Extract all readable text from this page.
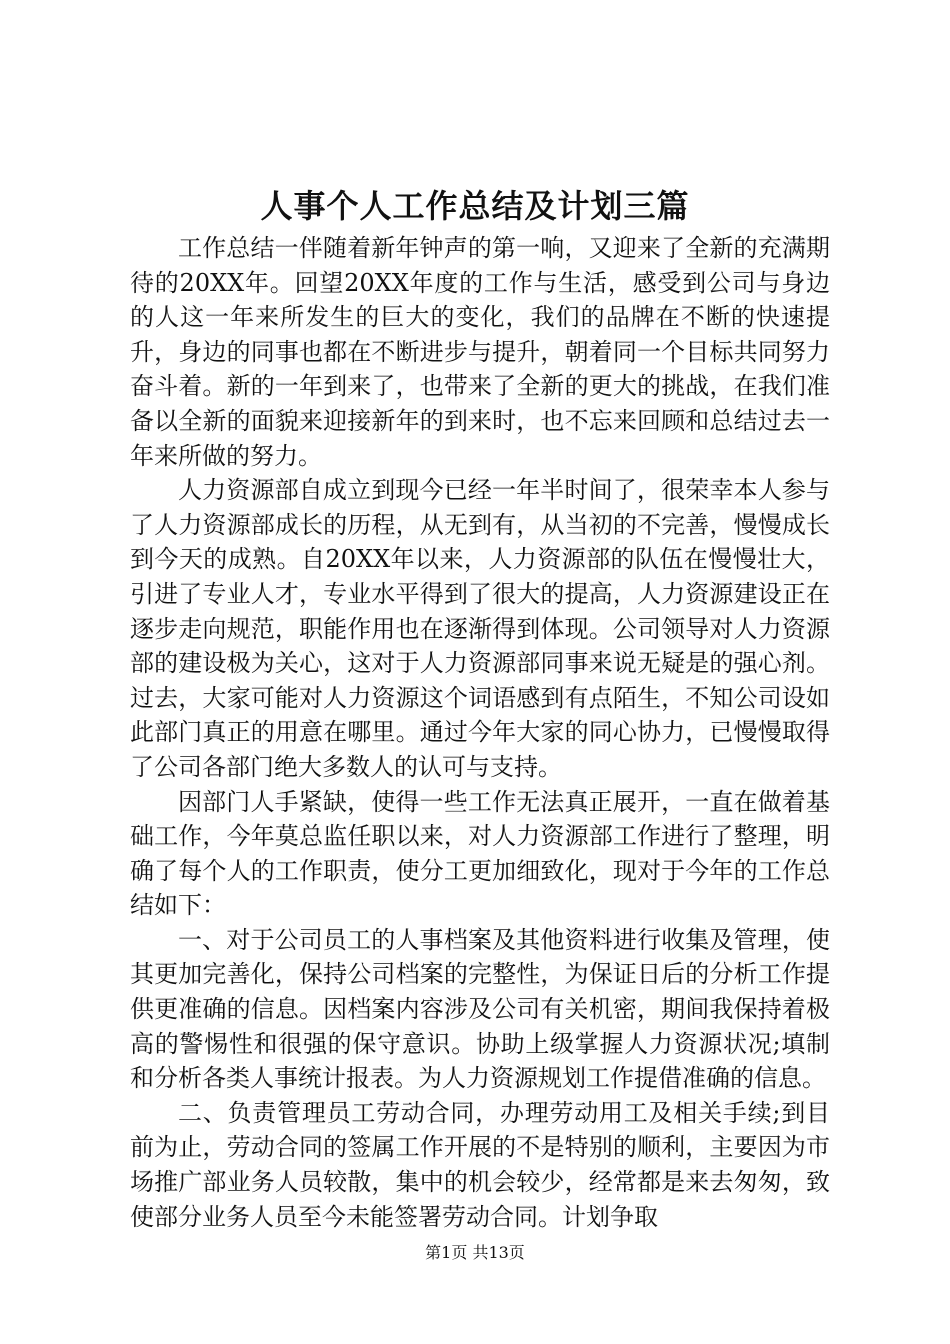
人事个人工作总结及计划三篇

工作总结一伴随着新年钟声的第一响，又迎来了全新的充满期待的20XX年。回望20XX年度的工作与生活，感受到公司与身边的人这一年来所发生的巨大的变化，我们的品牌在不断的快速提升，身边的同事也都在不断进步与提升，朝着同一个目标共同努力奋斗着。新的一年到来了，也带来了全新的更大的挑战，在我们准备以全新的面貌来迎接新年的到来时，也不忘来回顾和总结过去一年来所做的努力。

人力资源部自成立到现今已经一年半时间了，很荣幸本人参与了人力资源部成长的历程，从无到有，从当初的不完善，慢慢成长到今天的成熟。自20XX年以来，人力资源部的队伍在慢慢壮大，引进了专业人才，专业水平得到了很大的提高，人力资源建设正在逐步走向规范，职能作用也在逐渐得到体现。公司领导对人力资源部的建设极为关心，这对于人力资源部同事来说无疑是的强心剂。过去，大家可能对人力资源这个词语感到有点陌生，不知公司设如此部门真正的用意在哪里。通过今年大家的同心协力，已慢慢取得了公司各部门绝大多数人的认可与支持。

因部门人手紧缺，使得一些工作无法真正展开，一直在做着基础工作，今年莫总监任职以来，对人力资源部工作进行了整理，明确了每个人的工作职责，使分工更加细致化，现对于今年的工作总结如下：

一、对于公司员工的人事档案及其他资料进行收集及管理，使其更加完善化，保持公司档案的完整性，为保证日后的分析工作提供更准确的信息。因档案内容涉及公司有关机密，期间我保持着极高的警惕性和很强的保守意识。协助上级掌握人力资源状况;填制和分析各类人事统计报表。为人力资源规划工作提借准确的信息。

二、负责管理员工劳动合同，办理劳动用工及相关手续;到目前为止，劳动合同的签属工作开展的不是特别的顺利，主要因为市场推广部业务人员较散，集中的机会较少，经常都是来去匆匆，致使部分业务人员至今未能签署劳动合同。计划争取

第1页 共13页
